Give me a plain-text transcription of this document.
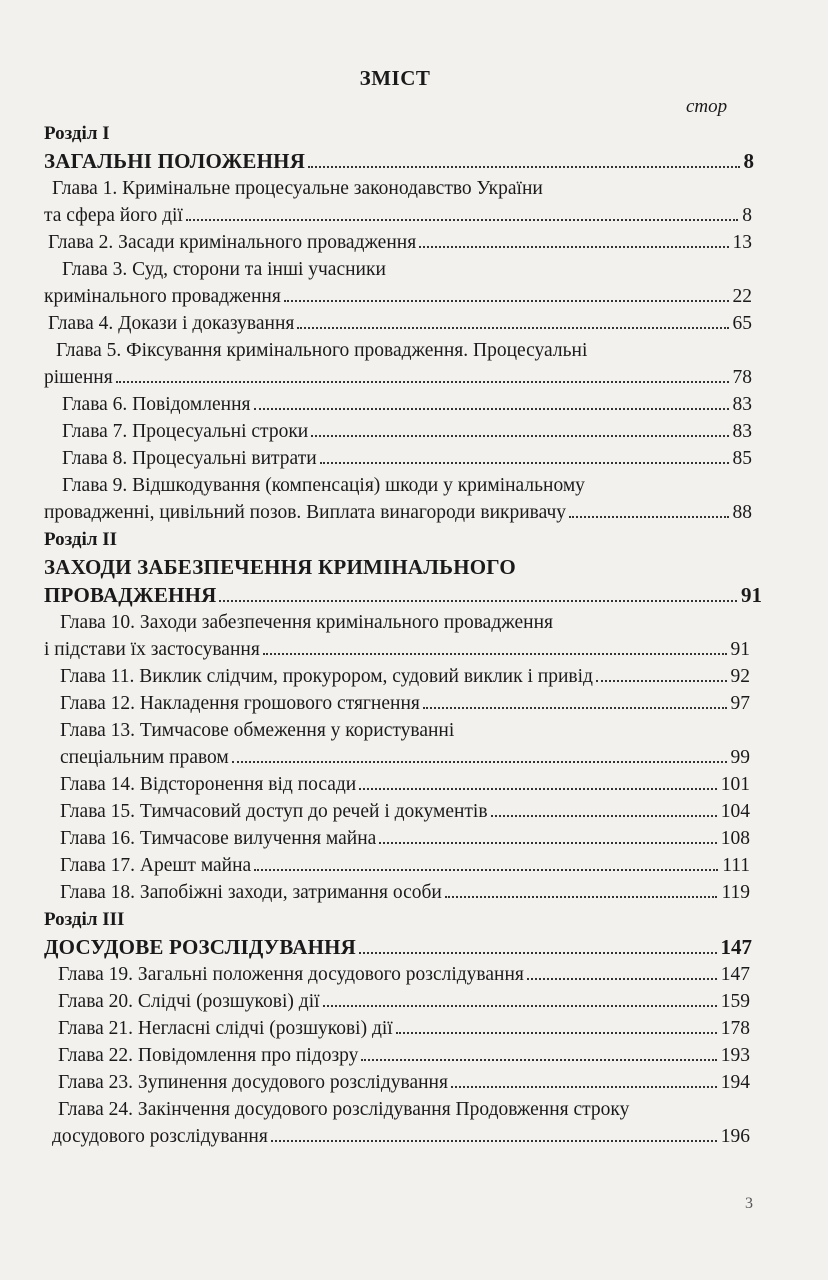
ЗМІСТ
стор
Розділ І
ЗАГАЛЬНІ ПОЛОЖЕННЯ	8
Глава 1. Кримінальне процесуальне законодавство України
та сфера його дії	8
Глава 2. Засади кримінального провадження	13
Глава 3. Суд, сторони та інші учасники
кримінального провадження	22
Глава 4. Докази і доказування	65
Глава 5. Фіксування кримінального провадження. Процесуальні
рішення	78
Глава 6. Повідомлення	83
Глава 7. Процесуальні строки	83
Глава 8. Процесуальні витрати	85
Глава 9. Відшкодування (компенсація) шкоди у кримінальному
провадженні, цивільний позов. Виплата винагороди викривачу	88
Розділ ІІ
ЗАХОДИ ЗАБЕЗПЕЧЕННЯ КРИМІНАЛЬНОГО
ПРОВАДЖЕННЯ	91
Глава 10. Заходи забезпечення кримінального провадження
і підстави їх застосування	91
Глава 11. Виклик слідчим, прокурором, судовий виклик і привід	92
Глава 12. Накладення грошового стягнення	97
Глава 13. Тимчасове обмеження у користуванні
спеціальним правом	99
Глава 14. Відсторонення від посади	101
Глава 15. Тимчасовий доступ до речей і документів	104
Глава 16. Тимчасове вилучення майна	108
Глава 17. Арешт майна	111
Глава 18. Запобіжні заходи, затримання особи	119
Розділ ІІІ
ДОСУДОВЕ РОЗСЛІДУВАННЯ	147
Глава 19. Загальні положення досудового розслідування	147
Глава 20. Слідчі (розшукові) дії	159
Глава 21. Негласні слідчі (розшукові) дії	178
Глава 22. Повідомлення про підозру	193
Глава 23. Зупинення досудового розслідування	194
Глава 24. Закінчення досудового розслідування Продовження строку
досудового розслідування	196
3
